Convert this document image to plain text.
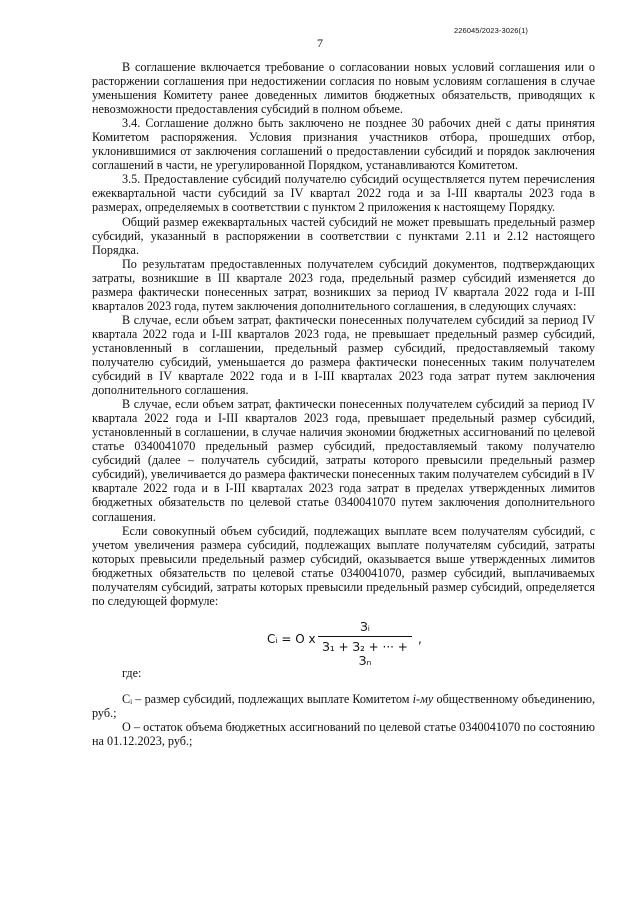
226045/2023-3026(1)
7

В соглашение включается требование о согласовании новых условий соглашения или о расторжении соглашения при недостижении согласия по новым условиям соглашения в случае уменьшения Комитету ранее доведенных лимитов бюджетных обязательств, приводящих к невозможности предоставления субсидий в полном объеме.

3.4. Соглашение должно быть заключено не позднее 30 рабочих дней с даты принятия Комитетом распоряжения. Условия признания участников отбора, прошедших отбор, уклонившимися от заключения соглашений о предоставлении субсидий и порядок заключения соглашений в части, не урегулированной Порядком, устанавливаются Комитетом.

3.5. Предоставление субсидий получателю субсидий осуществляется путем перечисления ежеквартальной части субсидий за IV квартал 2022 года и за I-III кварталы 2023 года в размерах, определяемых в соответствии с пунктом 2 приложения к настоящему Порядку.

Общий размер ежеквартальных частей субсидий не может превышать предельный размер субсидий, указанный в распоряжении в соответствии с пунктами 2.11 и 2.12 настоящего Порядка.

По результатам предоставленных получателем субсидий документов, подтверждающих затраты, возникшие в III квартале 2023 года, предельный размер субсидий изменяется до размера фактически понесенных затрат, возникших за период IV квартала 2022 года и I-III кварталов 2023 года, путем заключения дополнительного соглашения, в следующих случаях:

В случае, если объем затрат, фактически понесенных получателем субсидий за период IV квартала 2022 года и I-III кварталов 2023 года, не превышает предельный размер субсидий, установленный в соглашении, предельный размер субсидий, предоставляемый такому получателю субсидий, уменьшается до размера фактически понесенных таким получателем субсидий в IV квартале 2022 года и в I-III кварталах 2023 года затрат путем заключения дополнительного соглашения.

В случае, если объем затрат, фактически понесенных получателем субсидий за период IV квартала 2022 года и I-III кварталов 2023 года, превышает предельный размер субсидий, установленный в соглашении, в случае наличия экономии бюджетных ассигнований по целевой статье 0340041070 предельный размер субсидий, предоставляемый такому получателю субсидий (далее – получатель субсидий, затраты которого превысили предельный размер субсидий), увеличивается до размера фактически понесенных таким получателем субсидий в IV квартале 2022 года и в I-III кварталах 2023 года затрат в пределах утвержденных лимитов бюджетных обязательств по целевой статье 0340041070 путем заключения дополнительного соглашения.

Если совокупный объем субсидий, подлежащих выплате всем получателям субсидий, с учетом увеличения размера субсидий, подлежащих выплате получателям субсидий, затраты которых превысили предельный размер субсидий, оказывается выше утвержденных лимитов бюджетных обязательств по целевой статье 0340041070, размер субсидий, выплачиваемых получателям субсидий, затраты которых превысили предельный размер субсидий, определяется по следующей формуле:

Cᵢ = O x
Зᵢ
З₁ + З₂ + ··· + Зₙ
,

где:

Cᵢ – размер субсидий, подлежащих выплате Комитетом i-му общественному объединению, руб.;

О – остаток объема бюджетных ассигнований по целевой статье 0340041070 по состоянию на 01.12.2023, руб.;
